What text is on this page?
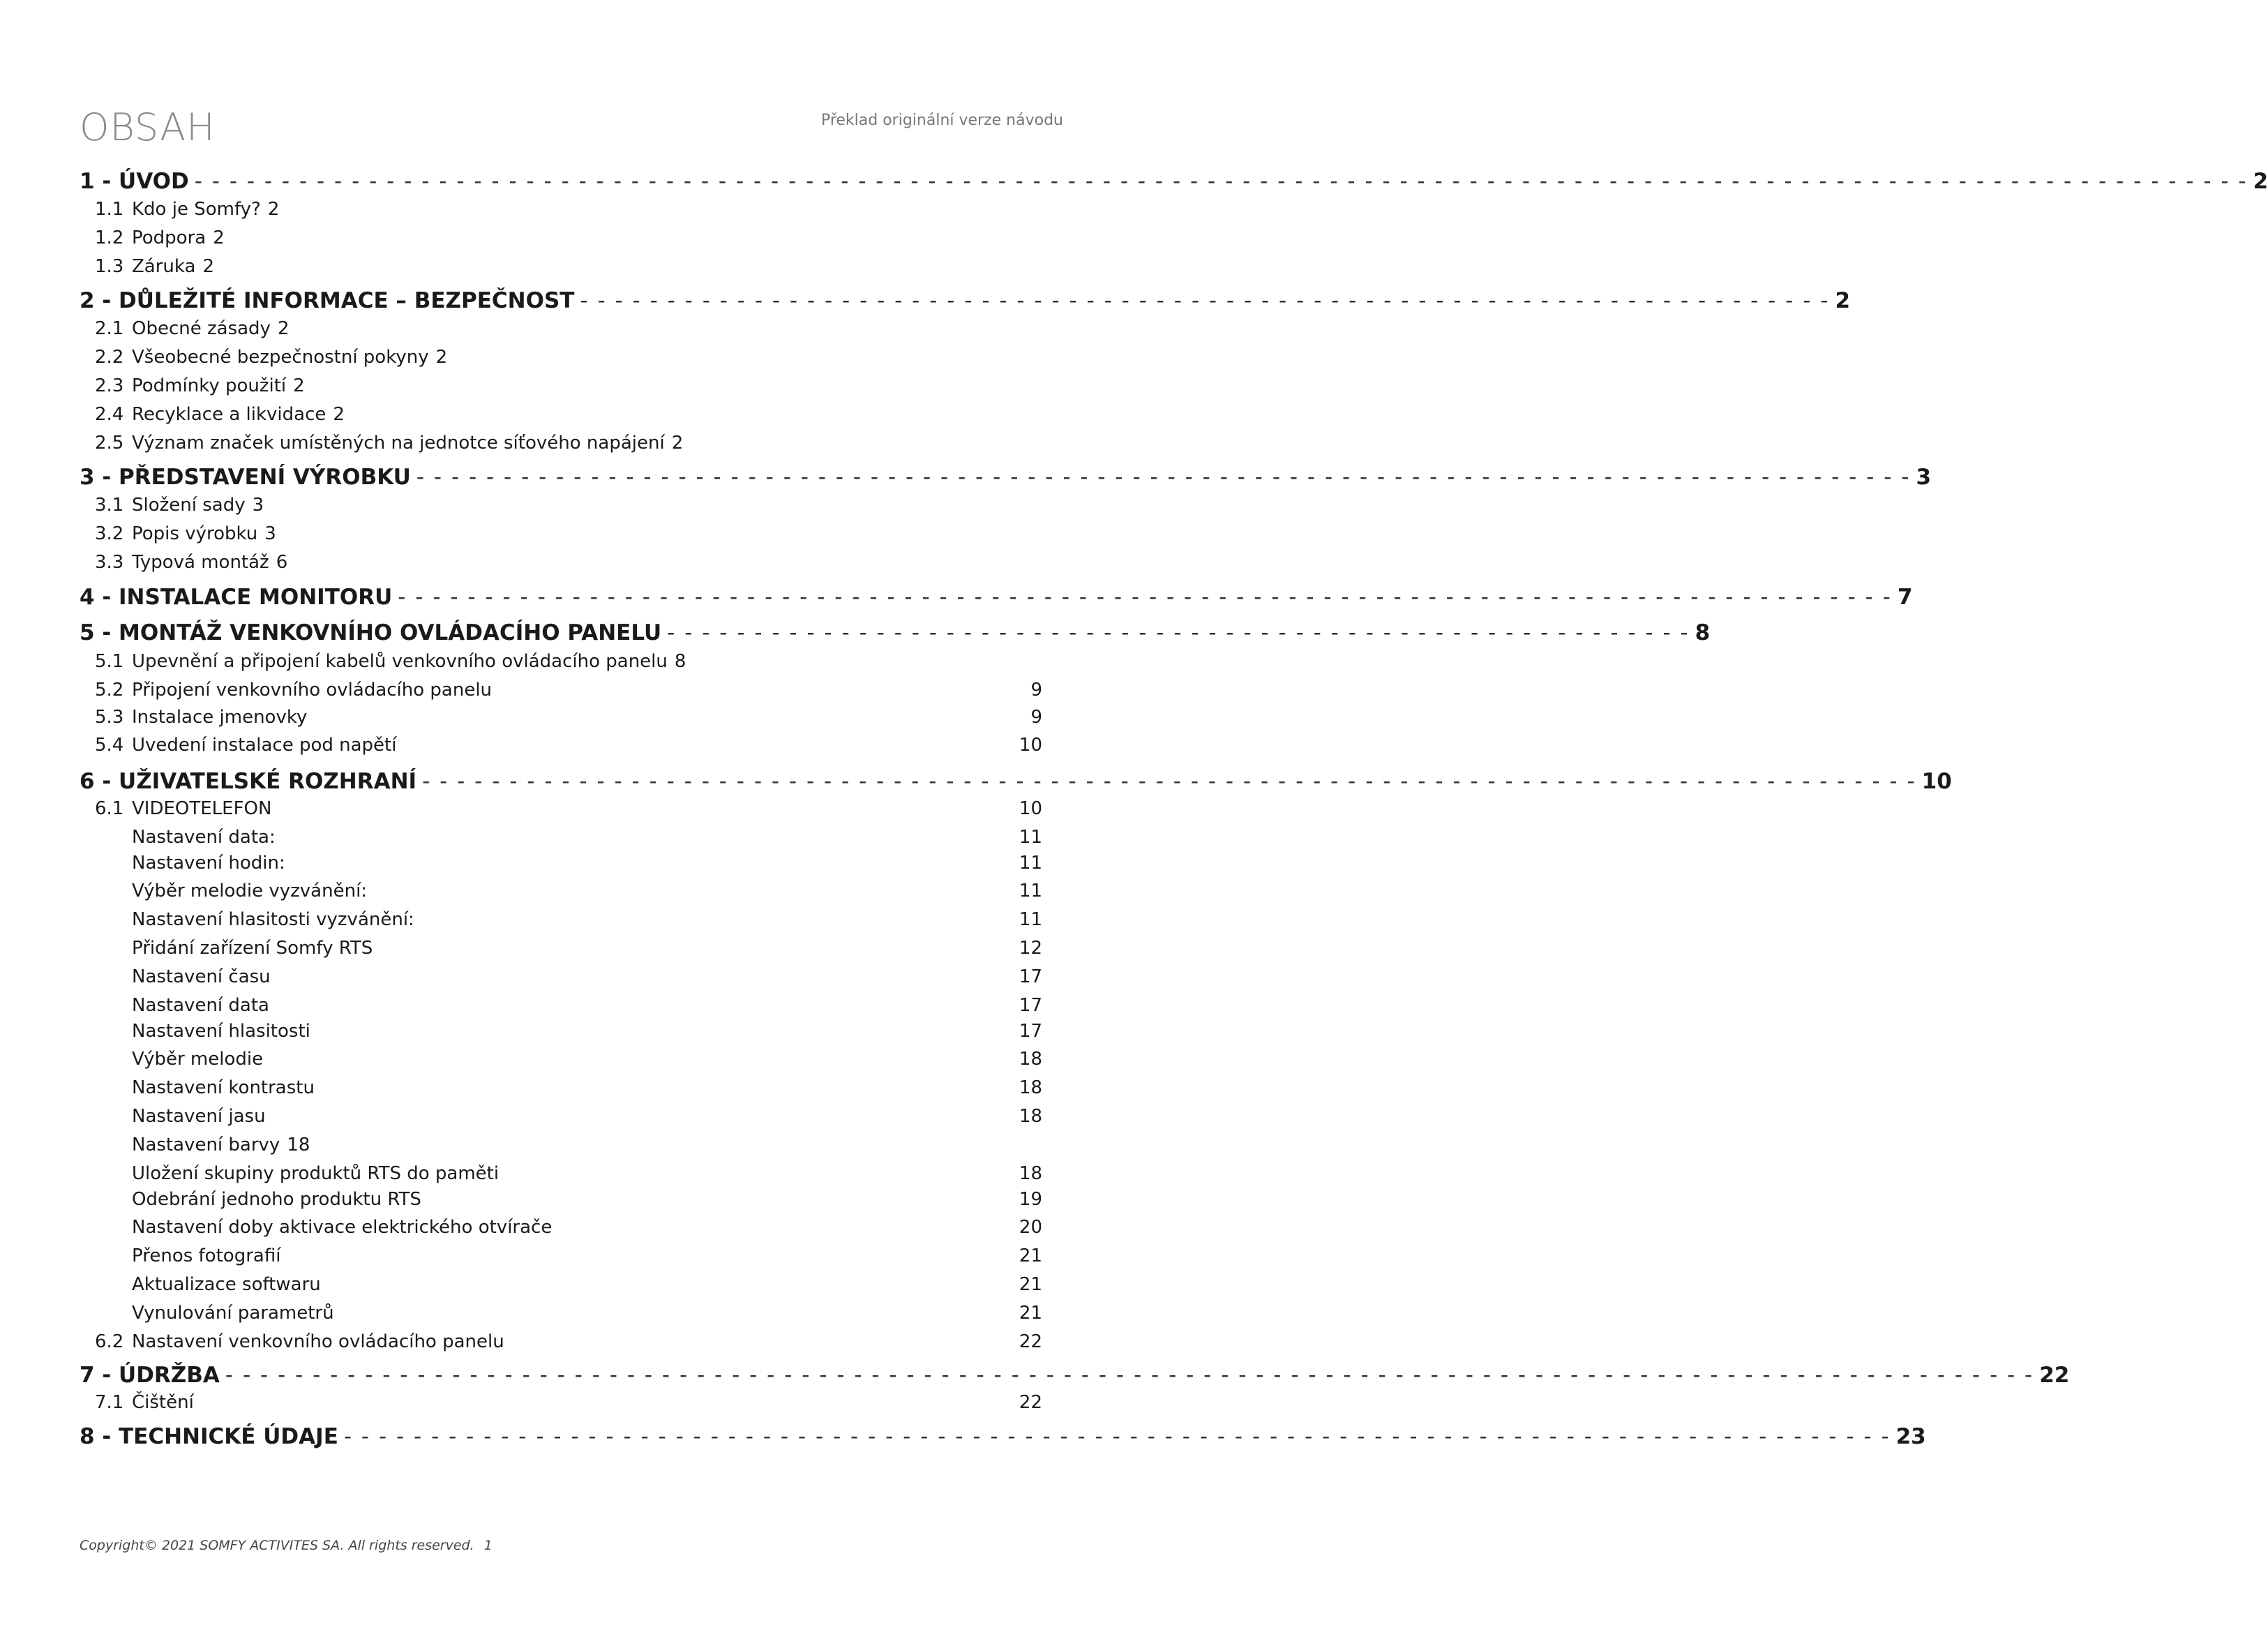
OBSAH	Překlad originální verze návodu
1 - ÚVOD - - - - - - - - - - - - - - - - - - - - - - - - - - - - - - - - - - - - - - - - - - - - - - - - - - - - - - - - - - - - - - - - - - - - - - - - - - - - - - - - - - - - - - - - - - - - - - - - - - - - - - - - - - - - - - - - - - - - - - 2
1.1 Kdo je Somfy? 2
1.2 Podpora 2
1.3 Záruka 2
2 - DŮLEŽITÉ INFORMACE – BEZPEČNOST - - - - - - - - - - - - - - - - - - - - - - - - - - - - - - - - - - - - - - - - - - - - - - - - - - - - - - - - - - - - - - - - - - - - - - - - 2
2.1 Obecné zásady 2
2.2 Všeobecné bezpečnostní pokyny 2
2.3 Podmínky použití 2
2.4 Recyklace a likvidace 2
2.5 Význam značek umístěných na jednotce síťového napájení 2
3 - PŘEDSTAVENÍ VÝROBKU - - - - - - - - - - - - - - - - - - - - - - - - - - - - - - - - - - - - - - - - - - - - - - - - - - - - - - - - - - - - - - - - - - - - - - - - - - - - - - - - - - - - - - 3
3.1 Složení sady 3
3.2 Popis výrobku 3
3.3 Typová montáž 6
4 - INSTALACE MONITORU - - - - - - - - - - - - - - - - - - - - - - - - - - - - - - - - - - - - - - - - - - - - - - - - - - - - - - - - - - - - - - - - - - - - - - - - - - - - - - - - - - - - - - 7
5 - MONTÁŽ VENKOVNÍHO OVLÁDACÍHO PANELU - - - - - - - - - - - - - - - - - - - - - - - - - - - - - - - - - - - - - - - - - - - - - - - - - - - - - - - - - - - 8
5.1 Upevnění a připojení kabelů venkovního ovládacího panelu 8
5.2 Připojení venkovního ovládacího panelu	9
5.3 Instalace jmenovky	9
5.4 Uvedení instalace pod napětí	10
6 - UŽIVATELSKÉ ROZHRANÍ - - - - - - - - - - - - - - - - - - - - - - - - - - - - - - - - - - - - - - - - - - - - - - - - - - - - - - - - - - - - - - - - - - - - - - - - - - - - - - - - - - - - - - 10
6.1 VIDEOTELEFON	10
Nastavení data:	11
Nastavení hodin:	11
Výběr melodie vyzvánění:	11
Nastavení hlasitosti vyzvánění:	11
Přidání zařízení Somfy RTS	12
Nastavení času	17
Nastavení data	17
Nastavení hlasitosti	17
Výběr melodie	18
Nastavení kontrastu	18
Nastavení jasu	18
Nastavení barvy 18
Uložení skupiny produktů RTS do paměti	18
Odebrání jednoho produktu RTS	19
Nastavení doby aktivace elektrického otvírače	20
Přenos fotografií	21
Aktualizace softwaru	21
Vynulování parametrů	21
6.2 Nastavení venkovního ovládacího panelu	22
7 - ÚDRŽBA - - - - - - - - - - - - - - - - - - - - - - - - - - - - - - - - - - - - - - - - - - - - - - - - - - - - - - - - - - - - - - - - - - - - - - - - - - - - - - - - - - - - - - - - - - - - - - - - - - - - - - - - 22
7.1 Čištění	22
8 - TECHNICKÉ ÚDAJE - - - - - - - - - - - - - - - - - - - - - - - - - - - - - - - - - - - - - - - - - - - - - - - - - - - - - - - - - - - - - - - - - - - - - - - - - - - - - - - - - - - - - - - - - 23
Copyright© 2021 SOMFY ACTIVITES SA. All rights reserved. 1
